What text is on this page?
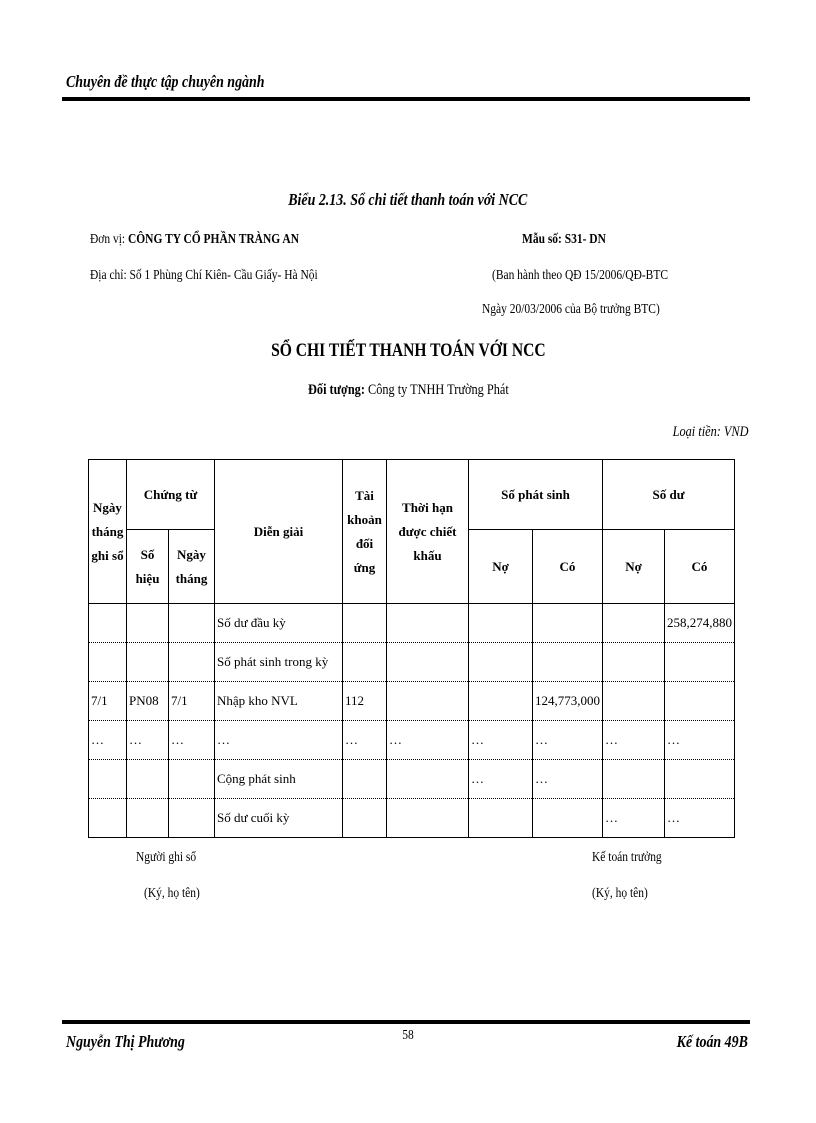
Chuyên đề thực tập chuyên ngành
Biểu 2.13. Sổ chi tiết thanh toán với NCC
Đơn vị: CÔNG TY CỔ PHẦN TRÀNG AN
Địa chỉ: Số 1 Phùng Chí Kiên- Cầu Giấy- Hà Nội
Mẫu số: S31- DN
(Ban hành theo QĐ 15/2006/QĐ-BTC
Ngày 20/03/2006 của Bộ trưởng BTC)
SỔ CHI TIẾT THANH TOÁN VỚI NCC
Đối tượng: Công ty TNHH Trường Phát
Loại tiền: VND
Ngày tháng ghi sổ	Chứng từ		Diễn giải	Tài khoản đối ứng	Thời hạn được chiết khấu	Số phát sinh		Số dư	
	Số hiệu	Ngày tháng				Nợ	Có	Nợ	Có
			Số dư đầu kỳ						258,274,880
			Số phát sinh trong kỳ						
7/1	PN08	7/1	Nhập kho NVL	112			124,773,000		
…	…	…	…	…	…	…	…	…	…
			Cộng phát sinh			…	…		
			Số dư cuối kỳ					…	…
Người ghi sổ
(Ký, họ tên)
Kế toán trưởng
(Ký, họ tên)
Nguyễn Thị Phương	58	Kế toán 49B
